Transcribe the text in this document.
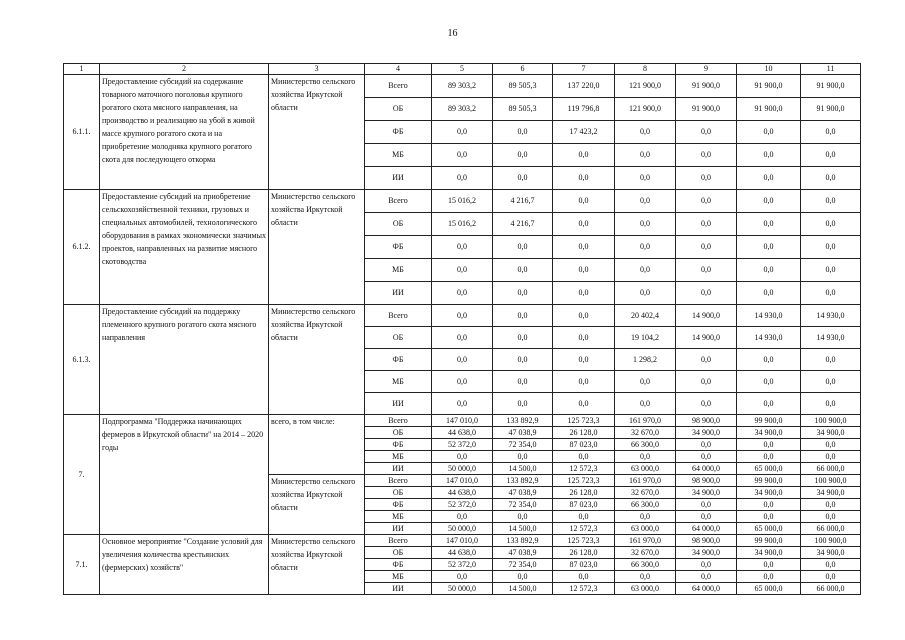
16
1	2	3	4	5	6	7	8	9	10	11
6.1.1.	Предоставление субсидий на содержание товарного маточного поголовья крупного рогатого скота мясного направления, на производство и реализацию на убой в живой массе крупного рогатого скота и на приобретение молодняка крупного рогатого скота для последующего откорма	Министерство сельского хозяйства Иркутской области	Всего	89 303,2	89 505,3	137 220,0	121 900,0	91 900,0	91 900,0	91 900,0
			ОБ	89 303,2	89 505,3	119 796,8	121 900,0	91 900,0	91 900,0	91 900,0
			ФБ	0,0	0,0	17 423,2	0,0	0,0	0,0	0,0
			МБ	0,0	0,0	0,0	0,0	0,0	0,0	0,0
			ИИ	0,0	0,0	0,0	0,0	0,0	0,0	0,0
6.1.2.	Предоставление субсидий на приобретение сельскохозяйственной техники, грузовых и специальных автомобилей, технологического оборудования в рамках экономически значимых проектов, направленных на развитие мясного скотоводства	Министерство сельского хозяйства Иркутской области	Всего	15 016,2	4 216,7	0,0	0,0	0,0	0,0	0,0
			ОБ	15 016,2	4 216,7	0,0	0,0	0,0	0,0	0,0
			ФБ	0,0	0,0	0,0	0,0	0,0	0,0	0,0
			МБ	0,0	0,0	0,0	0,0	0,0	0,0	0,0
			ИИ	0,0	0,0	0,0	0,0	0,0	0,0	0,0
6.1.3.	Предоставление субсидий на поддержку племенного крупного рогатого скота мясного направления	Министерство сельского хозяйства Иркутской области	Всего	0,0	0,0	0,0	20 402,4	14 900,0	14 930,0	14 930,0
			ОБ	0,0	0,0	0,0	19 104,2	14 900,0	14 930,0	14 930,0
			ФБ	0,0	0,0	0,0	1 298,2	0,0	0,0	0,0
			МБ	0,0	0,0	0,0	0,0	0,0	0,0	0,0
			ИИ	0,0	0,0	0,0	0,0	0,0	0,0	0,0
7.	Подпрограмма "Поддержка начинающих фермеров в Иркутской области" на 2014 – 2020 годы	всего, в том числе:	Всего	147 010,0	133 892,9	125 723,3	161 970,0	98 900,0	99 900,0	100 900,0
			ОБ	44 638,0	47 038,9	26 128,0	32 670,0	34 900,0	34 900,0	34 900,0
			ФБ	52 372,0	72 354,0	87 023,0	66 300,0	0,0	0,0	0,0
			МБ	0,0	0,0	0,0	0,0	0,0	0,0	0,0
			ИИ	50 000,0	14 500,0	12 572,3	63 000,0	64 000,0	65 000,0	66 000,0
		Министерство сельского хозяйства Иркутской области	Всего	147 010,0	133 892,9	125 723,3	161 970,0	98 900,0	99 900,0	100 900,0
			ОБ	44 638,0	47 038,9	26 128,0	32 670,0	34 900,0	34 900,0	34 900,0
			ФБ	52 372,0	72 354,0	87 023,0	66 300,0	0,0	0,0	0,0
			МБ	0,0	0,0	0,0	0,0	0,0	0,0	0,0
			ИИ	50 000,0	14 500,0	12 572,3	63 000,0	64 000,0	65 000,0	66 000,0
7.1.	Основное мероприятие "Создание условий для увеличения количества крестьянских (фермерских) хозяйств"	Министерство сельского хозяйства Иркутской области	Всего	147 010,0	133 892,9	125 723,3	161 970,0	98 900,0	99 900,0	100 900,0
			ОБ	44 638,0	47 038,9	26 128,0	32 670,0	34 900,0	34 900,0	34 900,0
			ФБ	52 372,0	72 354,0	87 023,0	66 300,0	0,0	0,0	0,0
			МБ	0,0	0,0	0,0	0,0	0,0	0,0	0,0
			ИИ	50 000,0	14 500,0	12 572,3	63 000,0	64 000,0	65 000,0	66 000,0
